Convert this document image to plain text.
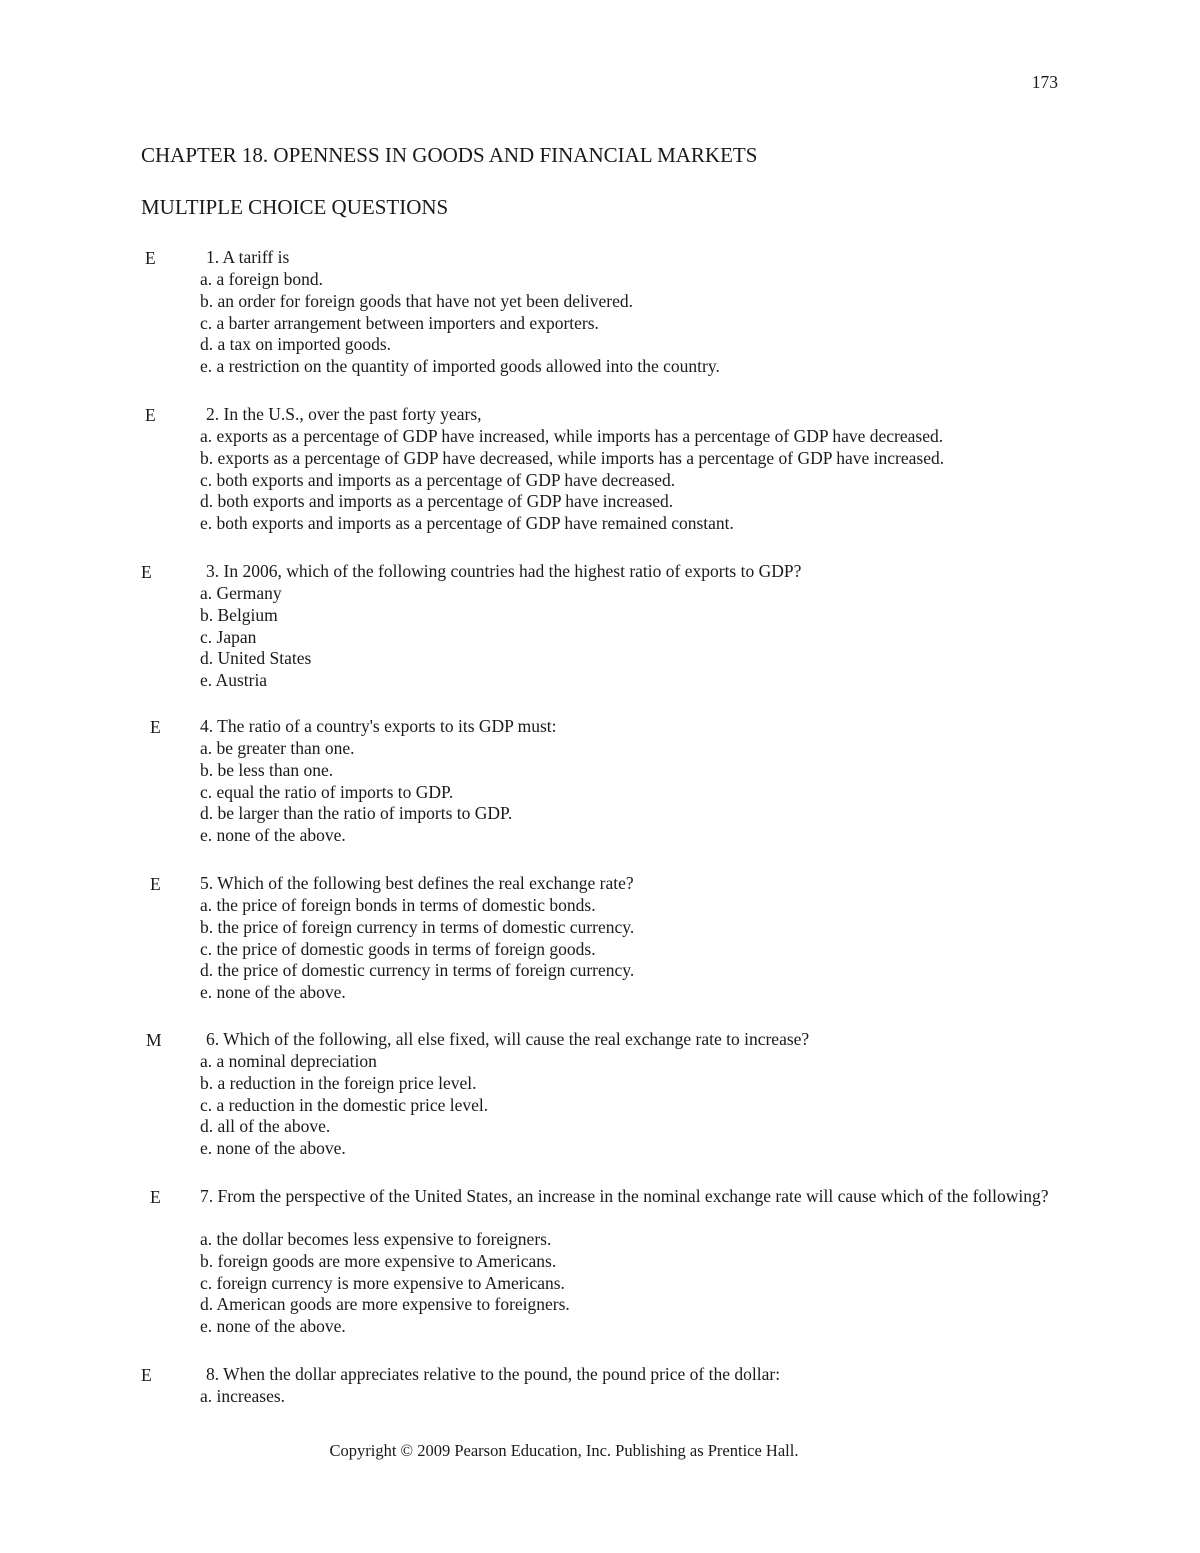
173
CHAPTER 18. OPENNESS IN GOODS AND FINANCIAL MARKETS
MULTIPLE CHOICE QUESTIONS
E	1. A tariff is
a. a foreign bond.
b. an order for foreign goods that have not yet been delivered.
c. a barter arrangement between importers and exporters.
d. a tax on imported goods.
e. a restriction on the quantity of imported goods allowed into the country.
E	2. In the U.S., over the past forty years,
a. exports as a percentage of GDP have increased, while imports has a percentage of GDP have decreased.
b. exports as a percentage of GDP have decreased, while imports has a percentage of GDP have increased.
c. both exports and imports as a percentage of GDP have decreased.
d. both exports and imports as a percentage of GDP have increased.
e. both exports and imports as a percentage of GDP have remained constant.
E	3. In 2006, which of the following countries had the highest ratio of exports to GDP?
a. Germany
b. Belgium
c. Japan
d. United States
e. Austria
E 4. The ratio of a country's exports to its GDP must:
a. be greater than one.
b. be less than one.
c. equal the ratio of imports to GDP.
d. be larger than the ratio of imports to GDP.
e. none of the above.
E 5. Which of the following best defines the real exchange rate?
a. the price of foreign bonds in terms of domestic bonds.
b. the price of foreign currency in terms of domestic currency.
c. the price of domestic goods in terms of foreign goods.
d. the price of domestic currency in terms of foreign currency.
e. none of the above.
M	6. Which of the following, all else fixed, will cause the real exchange rate to increase?
a. a nominal depreciation
b. a reduction in the foreign price level.
c. a reduction in the domestic price level.
d. all of the above.
e. none of the above.
E 7. From the perspective of the United States, an increase in the nominal exchange rate will cause which of the following?
a. the dollar becomes less expensive to foreigners.
b. foreign goods are more expensive to Americans.
c. foreign currency is more expensive to Americans.
d. American goods are more expensive to foreigners.
e. none of the above.
E	8. When the dollar appreciates relative to the pound, the pound price of the dollar:
a. increases.
Copyright © 2009 Pearson Education, Inc. Publishing as Prentice Hall.
